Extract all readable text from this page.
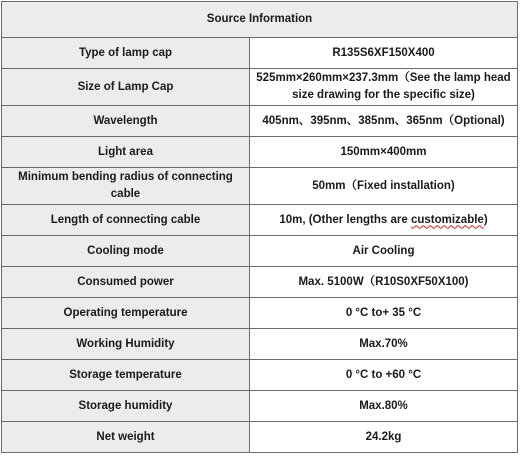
Source Information	
Type of lamp cap	R135S6XF150X400
Size of Lamp Cap	525mm×260mm×237.3mm（See the lamp head size drawing for the specific size)
Wavelength	405nm、395nm、385nm、365nm（Optional)
Light area	150mm×400mm
Minimum bending radius of connecting cable	50mm（Fixed installation)
Length of connecting cable	10m, (Other lengths are customizable)
Cooling mode	Air Cooling
Consumed power	Max. 5100W（R10S0XF50X100)
Operating temperature	0 °C to+ 35 °C
Working Humidity	Max.70%
Storage temperature	0 °C to +60 °C
Storage humidity	Max.80%
Net weight	24.2kg
